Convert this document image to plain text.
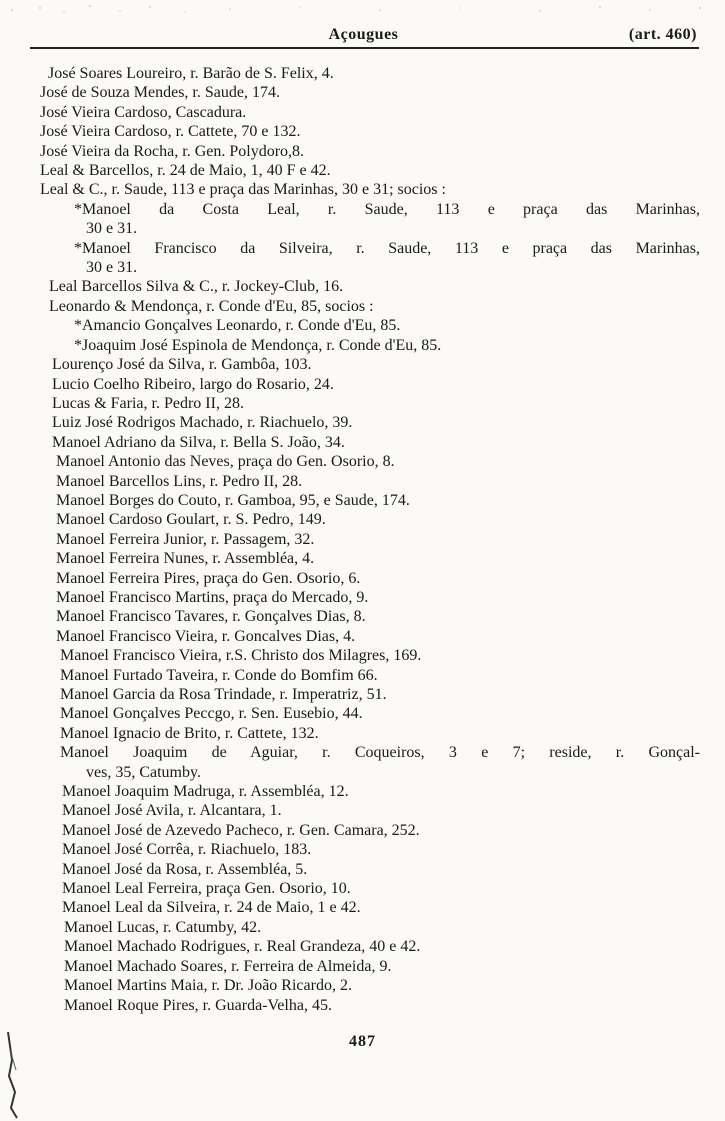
Açougues	(art. 460)
José Soares Loureiro, r. Barão de S. Felix, 4.
José de Souza Mendes, r. Saude, 174.
José Vieira Cardoso, Cascadura.
José Vieira Cardoso, r. Cattete, 70 e 132.
José Vieira da Rocha, r. Gen. Polydoro,8.
Leal & Barcellos, r. 24 de Maio, 1, 40 F e 42.
Leal & C., r. Saude, 113 e praça das Marinhas, 30 e 31; socios :
*Manoel da Costa Leal, r. Saude, 113 e praça das Marinhas,
30 e 31.
*Manoel Francisco da Silveira, r. Saude, 113 e praça das Marinhas,
30 e 31.
Leal Barcellos Silva & C., r. Jockey-Club, 16.
Leonardo & Mendonça, r. Conde d'Eu, 85, socios :
*Amancio Gonçalves Leonardo, r. Conde d'Eu, 85.
*Joaquim José Espinola de Mendonça, r. Conde d'Eu, 85.
Lourenço José da Silva, r. Gambôa, 103.
Lucio Coelho Ribeiro, largo do Rosario, 24.
Lucas & Faria, r. Pedro II, 28.
Luiz José Rodrigos Machado, r. Riachuelo, 39.
Manoel Adriano da Silva, r. Bella S. João, 34.
Manoel Antonio das Neves, praça do Gen. Osorio, 8.
Manoel Barcellos Lins, r. Pedro II, 28.
Manoel Borges do Couto, r. Gamboa, 95, e Saude, 174.
Manoel Cardoso Goulart, r. S. Pedro, 149.
Manoel Ferreira Junior, r. Passagem, 32.
Manoel Ferreira Nunes, r. Assembléa, 4.
Manoel Ferreira Pires, praça do Gen. Osorio, 6.
Manoel Francisco Martins, praça do Mercado, 9.
Manoel Francisco Tavares, r. Gonçalves Dias, 8.
Manoel Francisco Vieira, r. Goncalves Dias, 4.
Manoel Francisco Vieira, r.S. Christo dos Milagres, 169.
Manoel Furtado Taveira, r. Conde do Bomfim 66.
Manoel Garcia da Rosa Trindade, r. Imperatriz, 51.
Manoel Gonçalves Peccgo, r. Sen. Eusebio, 44.
Manoel Ignacio de Brito, r. Cattete, 132.
Manoel Joaquim de Aguiar, r. Coqueiros, 3 e 7; reside, r. Gonçal-
ves, 35, Catumby.
Manoel Joaquim Madruga, r. Assembléa, 12.
Manoel José Avila, r. Alcantara, 1.
Manoel José de Azevedo Pacheco, r. Gen. Camara, 252.
Manoel José Corrêa, r. Riachuelo, 183.
Manoel José da Rosa, r. Assembléa, 5.
Manoel Leal Ferreira, praça Gen. Osorio, 10.
Manoel Leal da Silveira, r. 24 de Maio, 1 e 42.
Manoel Lucas, r. Catumby, 42.
Manoel Machado Rodrigues, r. Real Grandeza, 40 e 42.
Manoel Machado Soares, r. Ferreira de Almeida, 9.
Manoel Martins Maia, r. Dr. João Ricardo, 2.
Manoel Roque Pires, r. Guarda-Velha, 45.
487
